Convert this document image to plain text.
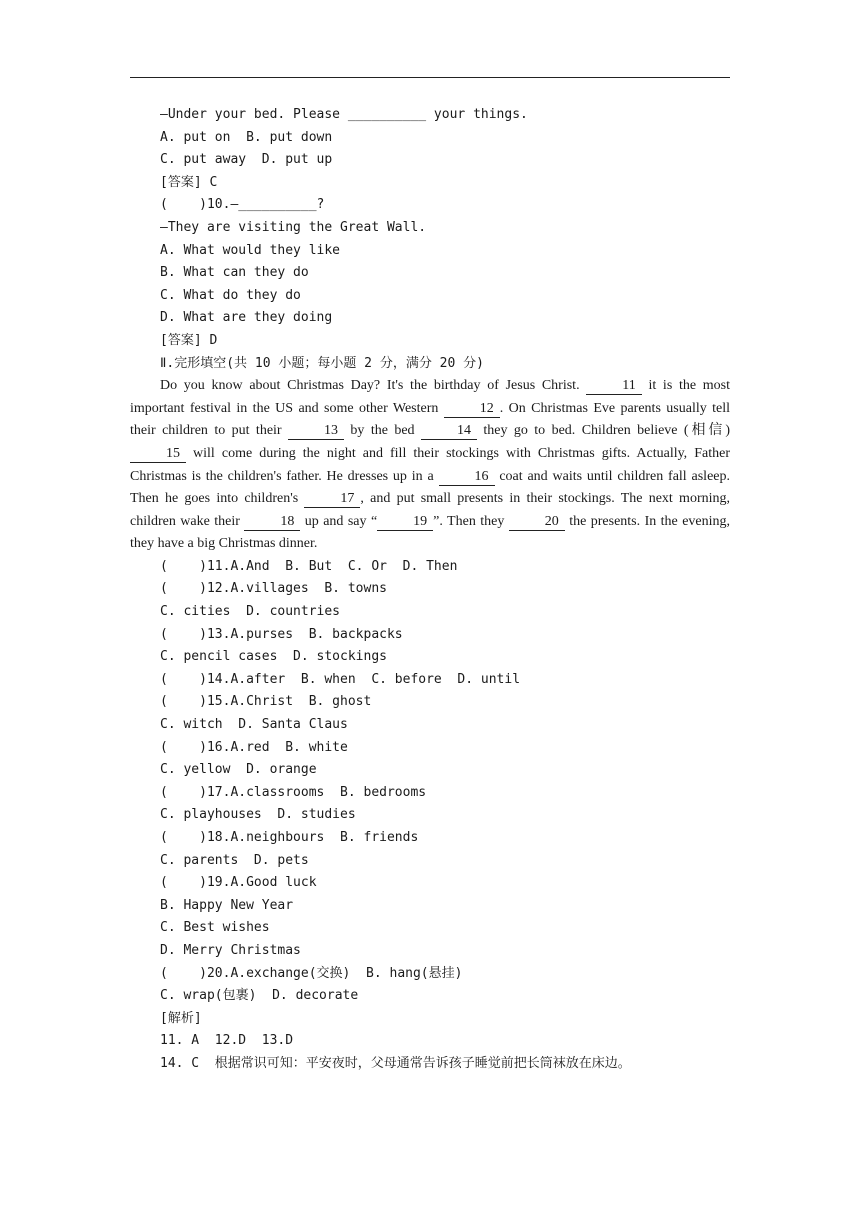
—Under your bed. Please __________ your things.
A. put on  B. put down
C. put away  D. put up
[答案] C
(    )10.—__________?
—They are visiting the Great Wall.
A. What would they like
B. What can they do
C. What do they do
D. What are they doing
[答案] D
Ⅱ.完形填空(共 10 小题；每小题 2 分，满分 20 分)

Do you know about Christmas Day? It's the birthday of Jesus Christ.	11 it is the most important festival in the US and some other Western	12 . On Christmas Eve parents usually tell their children to put their	13 by the bed	14 they go to bed. Children believe (相信) 15 will come during the night and fill their stockings with Christmas gifts. Actually, Father Christmas is the children's father. He dresses up in a	16 coat and waits until children fall asleep. Then he goes into children's	17 , and put small presents in their stockings. The next morning, children wake their	18 up and say “	19 ”. Then they	20 the presents. In the evening, they have a big Christmas dinner.

(    )11.A.And  B. But  C. Or  D. Then
(    )12.A.villages  B. towns
C. cities  D. countries
(    )13.A.purses  B. backpacks
C. pencil cases  D. stockings
(    )14.A.after  B. when  C. before  D. until
(    )15.A.Christ  B. ghost
C. witch  D. Santa Claus
(    )16.A.red  B. white
C. yellow  D. orange
(    )17.A.classrooms  B. bedrooms
C. playhouses  D. studies
(    )18.A.neighbours  B. friends
C. parents  D. pets
(    )19.A.Good luck
B. Happy New Year
C. Best wishes
D. Merry Christmas
(    )20.A.exchange(交换)  B. hang(悬挂)
C. wrap(包裹)  D. decorate
[解析]
11. A  12.D  13.D
14. C  根据常识可知：平安夜时，父母通常告诉孩子睡觉前把长筒袜放在床边。
